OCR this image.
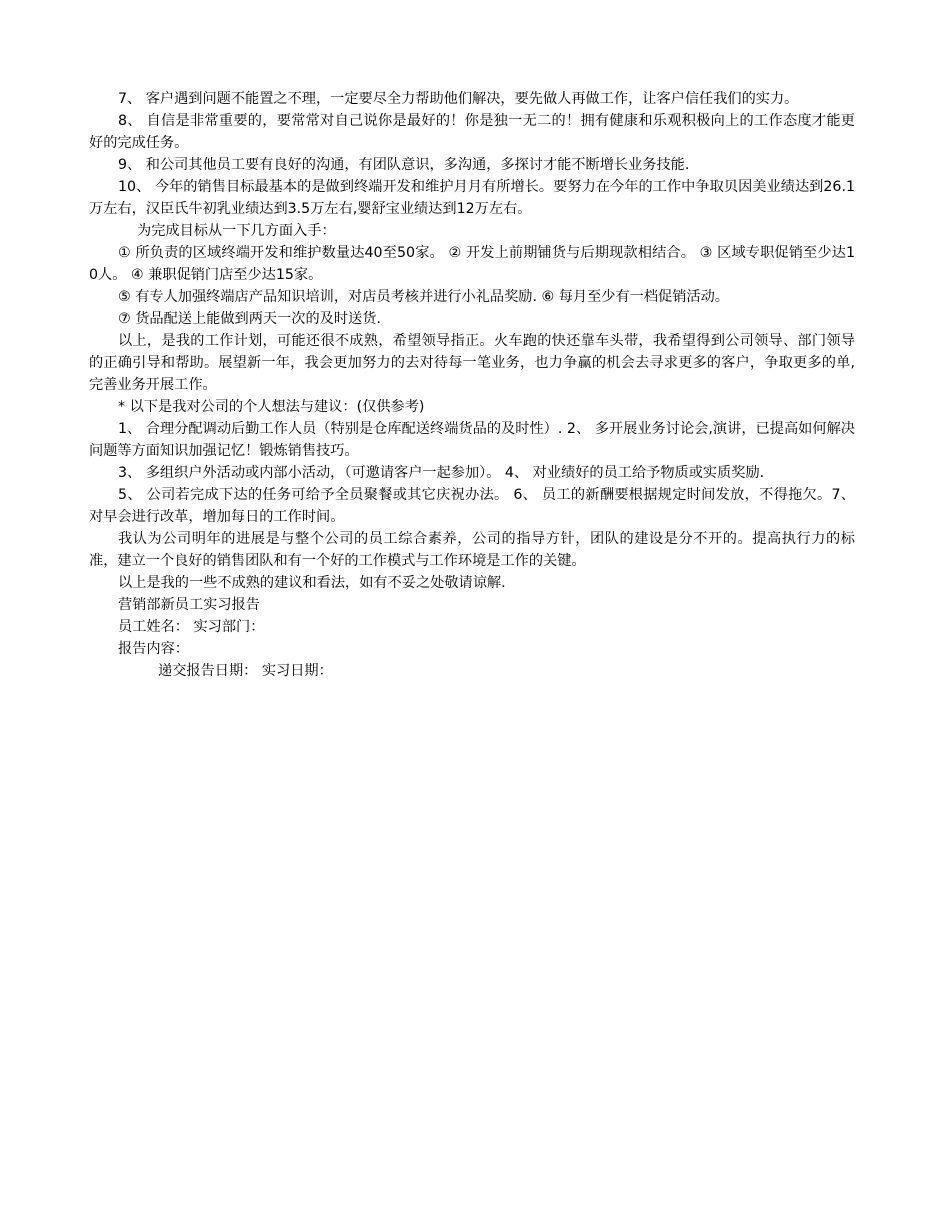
7、 客户遇到问题不能置之不理，一定要尽全力帮助他们解决，要先做人再做工作，让客户信任我们的实力。

8、 自信是非常重要的，要常常对自己说你是最好的！你是独一无二的！拥有健康和乐观积极向上的工作态度才能更好的完成任务。

9、 和公司其他员工要有良好的沟通，有团队意识，多沟通，多探讨才能不断增长业务技能.

10、 今年的销售目标最基本的是做到终端开发和维护月月有所增长。要努力在今年的工作中争取贝因美业绩达到26.1万左右，汉臣氏牛初乳业绩达到3.5万左右,婴舒宝业绩达到12万左右。

为完成目标从一下几方面入手：

① 所负责的区域终端开发和维护数量达40至50家。 ② 开发上前期铺货与后期现款相结合。 ③ 区域专职促销至少达10人。 ④ 兼职促销门店至少达15家。

⑤ 有专人加强终端店产品知识培训，对店员考核并进行小礼品奖励. ⑥ 每月至少有一档促销活动。

⑦ 货品配送上能做到两天一次的及时送货.

以上，是我的工作计划，可能还很不成熟，希望领导指正。火车跑的快还靠车头带，我希望得到公司领导、部门领导的正确引导和帮助。展望新一年，我会更加努力的去对待每一笔业务，也力争赢的机会去寻求更多的客户，争取更多的单,完善业务开展工作。

* 以下是我对公司的个人想法与建议：(仅供参考)

1、 合理分配调动后勤工作人员（特别是仓库配送终端货品的及时性）. 2、 多开展业务讨论会,演讲，已提高如何解决问题等方面知识加强记忆！锻炼销售技巧。

3、 多组织户外活动或内部小活动，（可邀请客户一起参加）。 4、 对业绩好的员工给予物质或实质奖励.

5、 公司若完成下达的任务可给予全员聚餐或其它庆祝办法。 6、 员工的新酬要根据规定时间发放，不得拖欠。7、 对早会进行改革，增加每日的工作时间。

我认为公司明年的进展是与整个公司的员工综合素养，公司的指导方针，团队的建设是分不开的。提高执行力的标准，建立一个良好的销售团队和有一个好的工作模式与工作环境是工作的关键。

以上是我的一些不成熟的建议和看法，如有不妥之处敬请谅解.

营销部新员工实习报告

员工姓名： 实习部门：

报告内容：

递交报告日期： 实习日期：
